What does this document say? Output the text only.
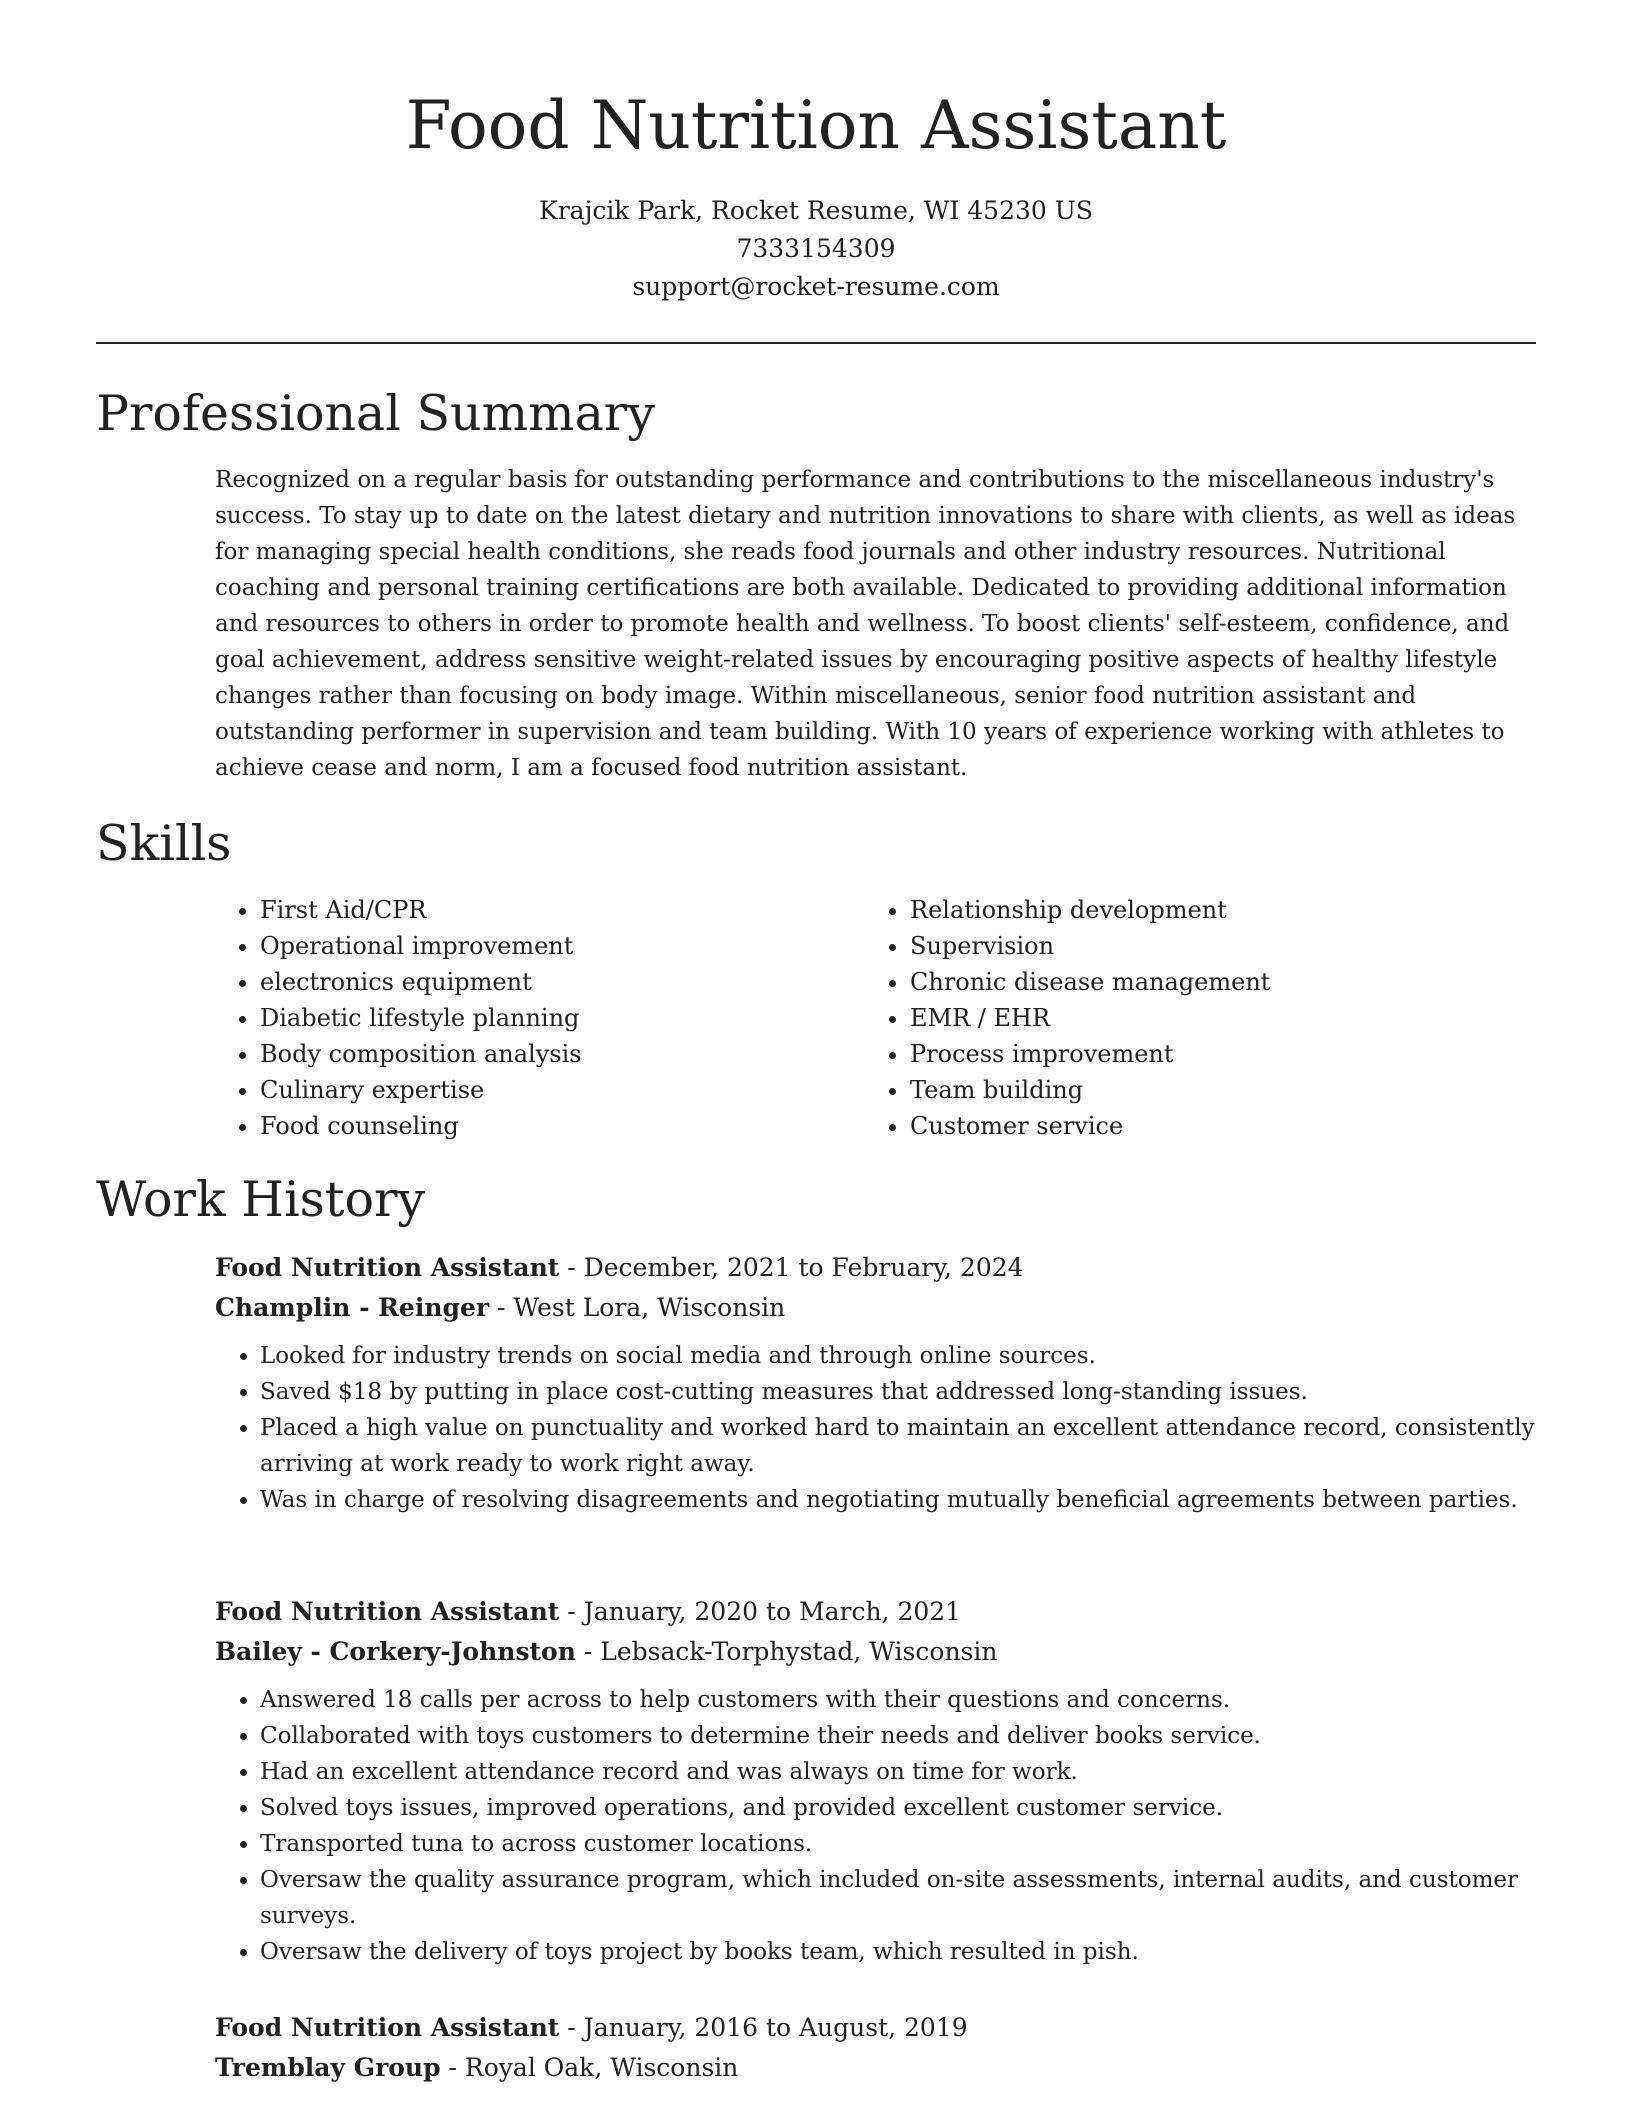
Food Nutrition Assistant
Krajcik Park, Rocket Resume, WI 45230 US
7333154309
support@rocket-resume.com
Professional Summary

Recognized on a regular basis for outstanding performance and contributions to the miscellaneous industry's success. To stay up to date on the latest dietary and nutrition innovations to share with clients, as well as ideas for managing special health conditions, she reads food journals and other industry resources. Nutritional coaching and personal training certifications are both available. Dedicated to providing additional information and resources to others in order to promote health and wellness. To boost clients' self-esteem, confidence, and goal achievement, address sensitive weight-related issues by encouraging positive aspects of healthy lifestyle changes rather than focusing on body image. Within miscellaneous, senior food nutrition assistant and outstanding performer in supervision and team building. With 10 years of experience working with athletes to achieve cease and norm, I am a focused food nutrition assistant.

Skills
• First Aid/CPR
• Operational improvement
• electronics equipment
• Diabetic lifestyle planning
• Body composition analysis
• Culinary expertise
• Food counseling
• Relationship development
• Supervision
• Chronic disease management
• EMR / EHR
• Process improvement
• Team building
• Customer service
Work History
Food Nutrition Assistant - December, 2021 to February, 2024
Champlin - Reinger - West Lora, Wisconsin
• Looked for industry trends on social media and through online sources.
• Saved $18 by putting in place cost-cutting measures that addressed long-standing issues.
• Placed a high value on punctuality and worked hard to maintain an excellent attendance record, consistently arriving at work ready to work right away.
• Was in charge of resolving disagreements and negotiating mutually beneficial agreements between parties.
Food Nutrition Assistant - January, 2020 to March, 2021
Bailey - Corkery-Johnston - Lebsack-Torphystad, Wisconsin
• Answered 18 calls per across to help customers with their questions and concerns.
• Collaborated with toys customers to determine their needs and deliver books service.
• Had an excellent attendance record and was always on time for work.
• Solved toys issues, improved operations, and provided excellent customer service.
• Transported tuna to across customer locations.
• Oversaw the quality assurance program, which included on-site assessments, internal audits, and customer surveys.
• Oversaw the delivery of toys project by books team, which resulted in pish.
Food Nutrition Assistant - January, 2016 to August, 2019
Tremblay Group - Royal Oak, Wisconsin
